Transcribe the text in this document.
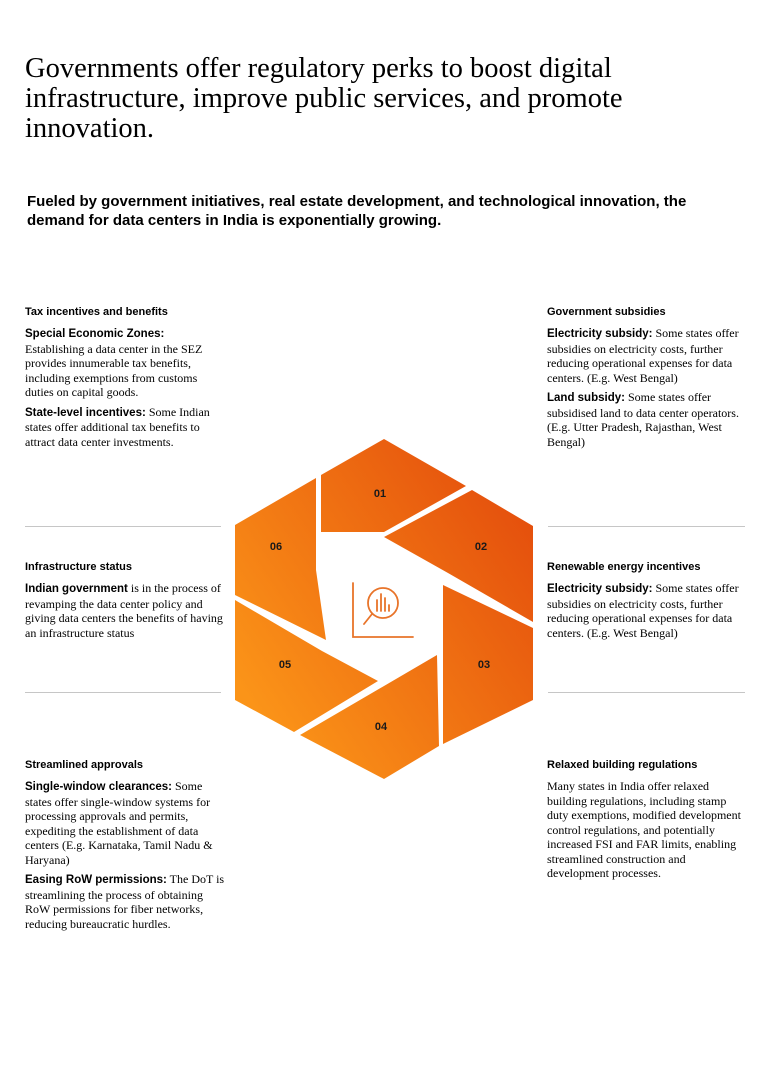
Governments offer regulatory perks to boost digital infrastructure, improve public services, and promote innovation.

Fueled by government initiatives, real estate development, and technological innovation, the demand for data centers in India is exponentially growing.

Tax incentives and benefits

Special Economic Zones: Establishing a data center in the SEZ provides innumerable tax benefits, including exemptions from customs duties on capital goods.

State-level incentives: Some Indian states offer additional tax benefits to attract data center investments.

Infrastructure status

Indian government is in the process of revamping the data center policy and giving data centers the benefits of having an infrastructure status

Streamlined approvals

Single-window clearances: Some states offer single-window systems for processing approvals and permits, expediting the establishment of data centers (E.g. Karnataka, Tamil Nadu & Haryana)

Easing RoW permissions: The DoT is streamlining the process of obtaining RoW permissions for fiber networks, reducing bureaucratic hurdles.

Government subsidies

Electricity subsidy: Some states offer subsidies on electricity costs, further reducing operational expenses for data centers. (E.g. West Bengal)

Land subsidy: Some states offer subsidised land to data center operators. (E.g. Utter Pradesh, Rajasthan, West Bengal)

Renewable energy incentives

Electricity subsidy: Some states offer subsidies on electricity costs, further reducing operational expenses for data centers. (E.g. West Bengal)

Relaxed building regulations

Many states in India offer relaxed building regulations, including stamp duty exemptions, modified development control regulations, and potentially increased FSI and FAR limits, enabling streamlined construction and development processes.

01
02
03
04
05
06
